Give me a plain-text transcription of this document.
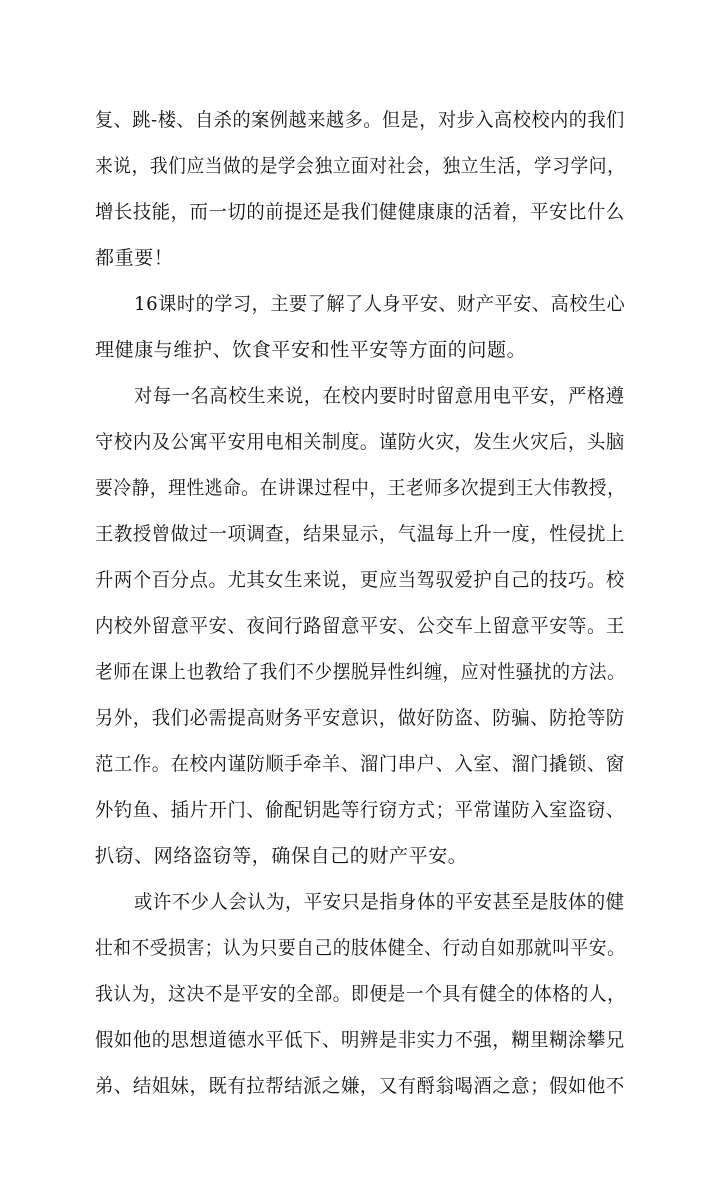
复、跳-楼、自杀的案例越来越多。但是，对步入高校校内的我们
来说，我们应当做的是学会独立面对社会，独立生活，学习学问，
增长技能，而一切的前提还是我们健健康康的活着，平安比什么
都重要！
16课时的学习，主要了解了人身平安、财产平安、高校生心
理健康与维护、饮食平安和性平安等方面的问题。
对每一名高校生来说，在校内要时时留意用电平安，严格遵
守校内及公寓平安用电相关制度。谨防火灾，发生火灾后，头脑
要冷静，理性逃命。在讲课过程中，王老师多次提到王大伟教授，
王教授曾做过一项调查，结果显示，气温每上升一度，性侵扰上
升两个百分点。尤其女生来说，更应当驾驭爱护自己的技巧。校
内校外留意平安、夜间行路留意平安、公交车上留意平安等。王
老师在课上也教给了我们不少摆脱异性纠缠，应对性骚扰的方法。
另外，我们必需提高财务平安意识，做好防盗、防骗、防抢等防
范工作。在校内谨防顺手牵羊、溜门串户、入室、溜门撬锁、窗
外钓鱼、插片开门、偷配钥匙等行窃方式；平常谨防入室盗窃、
扒窃、网络盗窃等，确保自己的财产平安。
或许不少人会认为，平安只是指身体的平安甚至是肢体的健
壮和不受损害；认为只要自己的肢体健全、行动自如那就叫平安。
我认为，这决不是平安的全部。即便是一个具有健全的体格的人，
假如他的思想道德水平低下、明辨是非实力不强，糊里糊涂攀兄
弟、结姐妹，既有拉帮结派之嫌，又有酹翁喝酒之意；假如他不
